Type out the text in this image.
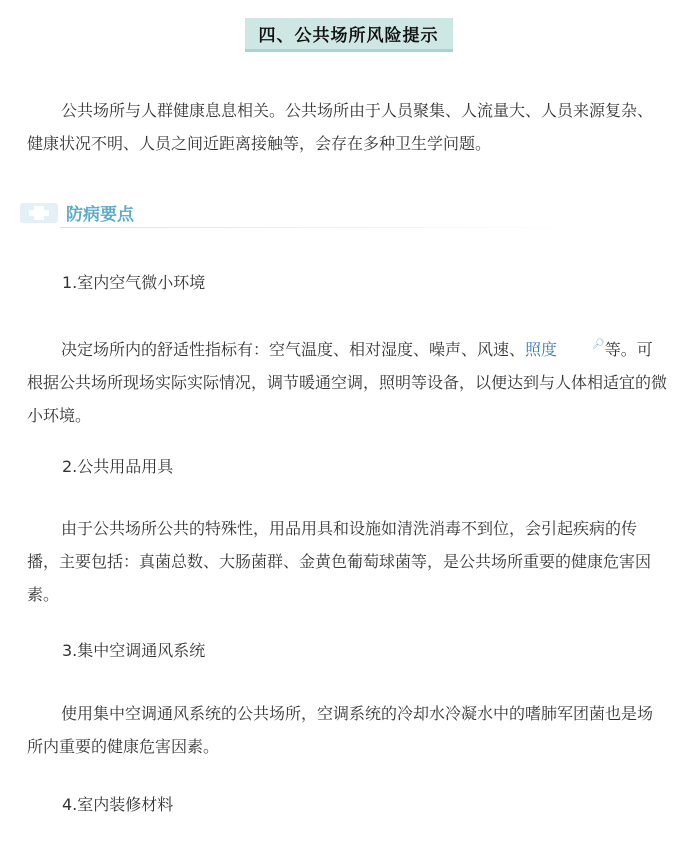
四、公共场所风险提示

公共场所与人群健康息息相关。公共场所由于人员聚集、人流量大、人员来源复杂、健康状况不明、人员之间近距离接触等，会存在多种卫生学问题。

防病要点
1.室内空气微小环境

决定场所内的舒适性指标有：空气温度、相对湿度、噪声、风速、照度	🔎︎等。可根据公共场所现场实际实际情况，调节暖通空调，照明等设备，以便达到与人体相适宜的微小环境。

2.公共用品用具

由于公共场所公共的特殊性，用品用具和设施如清洗消毒不到位，会引起疾病的传播，主要包括：真菌总数、大肠菌群、金黄色葡萄球菌等，是公共场所重要的健康危害因素。

3.集中空调通风系统

使用集中空调通风系统的公共场所，空调系统的冷却水冷凝水中的嗜肺军团菌也是场所内重要的健康危害因素。

4.室内装修材料
